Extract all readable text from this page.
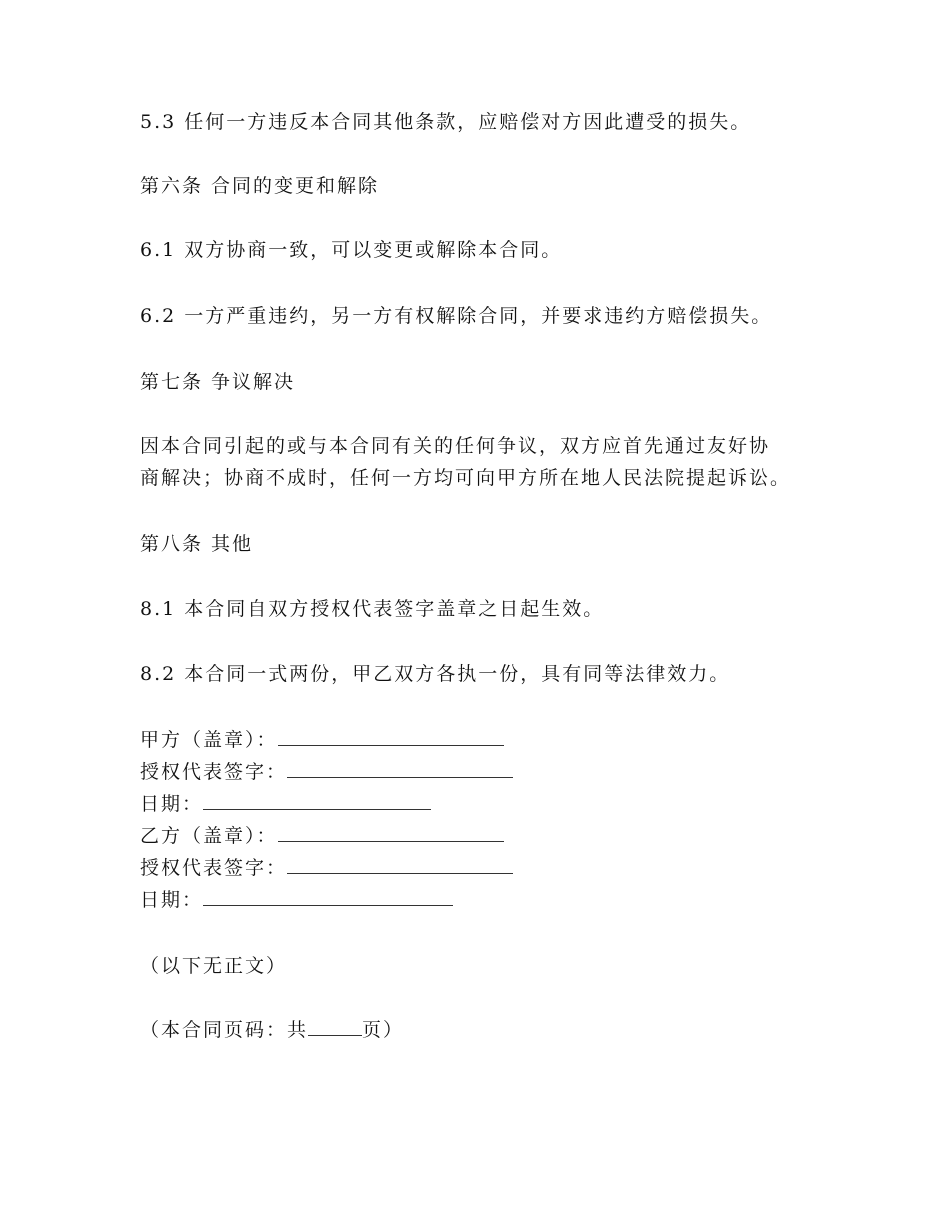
5.3 任何一方违反本合同其他条款，应赔偿对方因此遭受的损失。
第六条 合同的变更和解除
6.1 双方协商一致，可以变更或解除本合同。
6.2 一方严重违约，另一方有权解除合同，并要求违约方赔偿损失。
第七条 争议解决
因本合同引起的或与本合同有关的任何争议，双方应首先通过友好协
商解决；协商不成时，任何一方均可向甲方所在地人民法院提起诉讼。
第八条 其他
8.1 本合同自双方授权代表签字盖章之日起生效。
8.2 本合同一式两份，甲乙双方各执一份，具有同等法律效力。
甲方（盖章）：
授权代表签字：
日期：
乙方（盖章）：
授权代表签字：
日期：
（以下无正文）
（本合同页码：共	页）
